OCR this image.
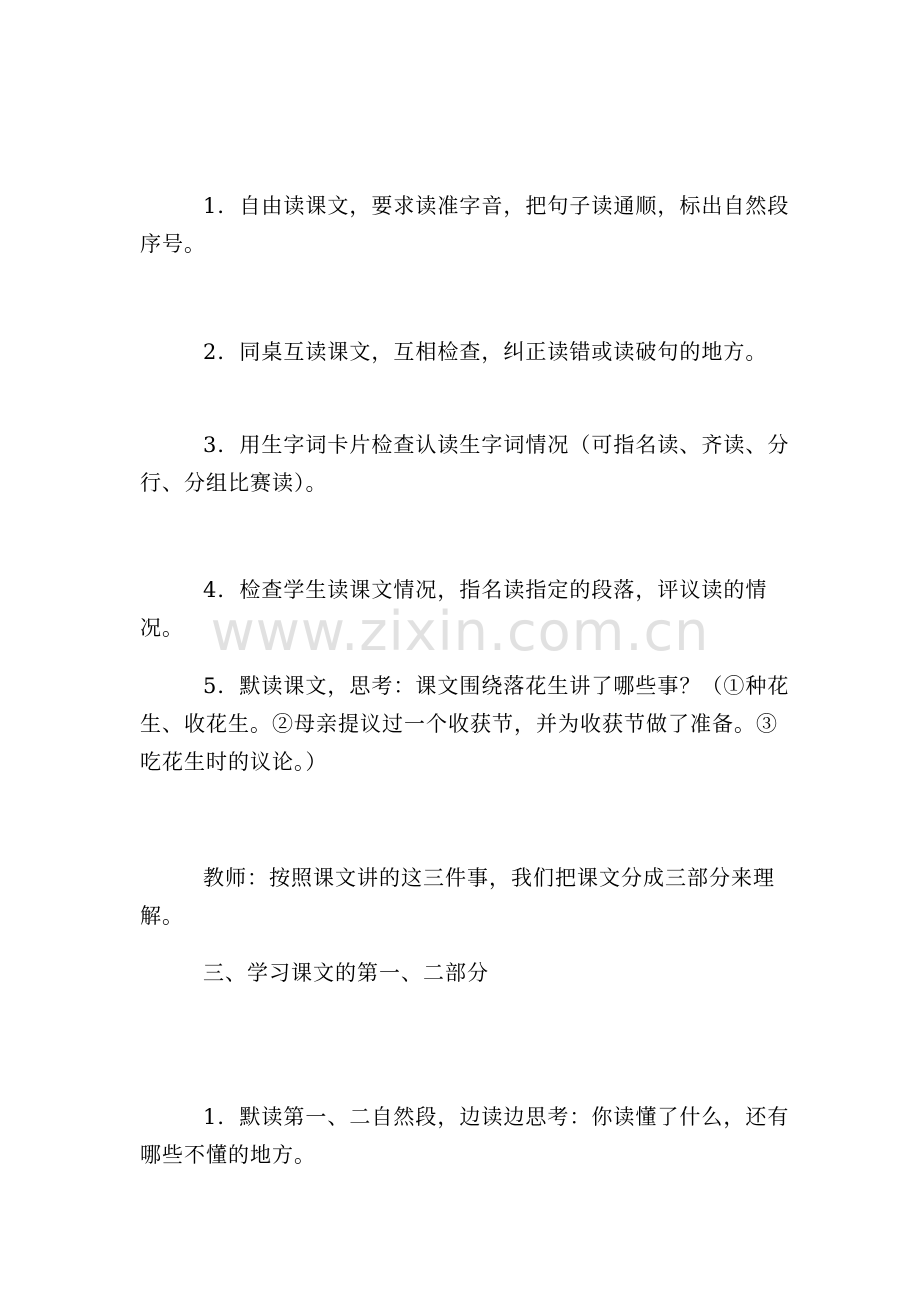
www.zixin.com.cn

1．自由读课文，要求读准字音，把句子读通顺，标出自然段序号。

2．同桌互读课文，互相检查，纠正读错或读破句的地方。

3．用生字词卡片检查认读生字词情况（可指名读、齐读、分行、分组比赛读）。

4．检查学生读课文情况，指名读指定的段落，评议读的情况。

5．默读课文，思考：课文围绕落花生讲了哪些事？（①种花生、收花生。②母亲提议过一个收获节，并为收获节做了准备。③吃花生时的议论。）

教师：按照课文讲的这三件事，我们把课文分成三部分来理解。

三、学习课文的第一、二部分

1．默读第一、二自然段，边读边思考：你读懂了什么，还有哪些不懂的地方。
